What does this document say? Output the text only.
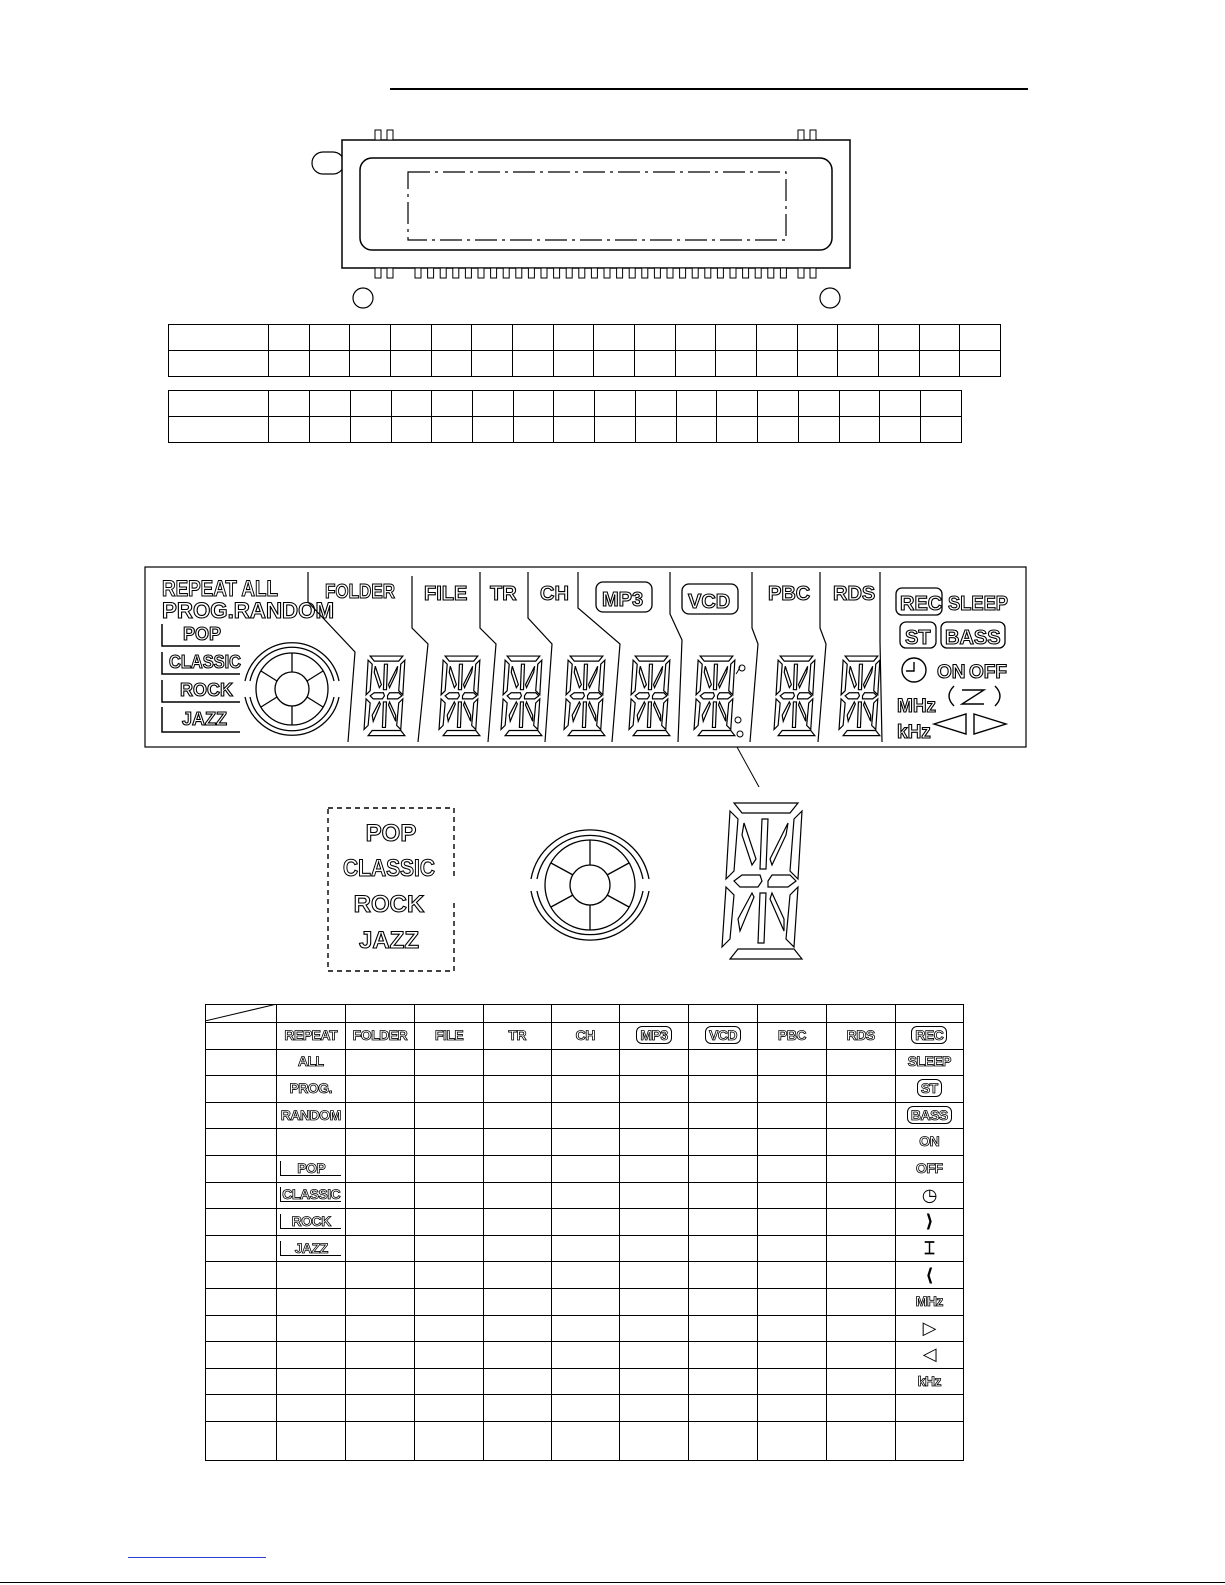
REPEAT ALL
PROG.RANDOM
POP
CLASSIC
ROCK
JAZZ
FOLDER FILE TR CH MP3 VCD PBC RDS REC SLEEP
ST BASS
ON OFF
MHz
kHz
POP
CLASSIC
ROCK
JAZZ

	REPEAT	FOLDER	FILE	TR	CH	MP3	VCD	PBC	RDS	REC
	ALL									SLEEP
	PROG.									ST
	RANDOM									BASS
										ON
	POP									OFF
	CLASSIC									◷
	ROCK									⟩
	JAZZ									⌶
										⟨
										MHz
										▷
										◁
										kHz
